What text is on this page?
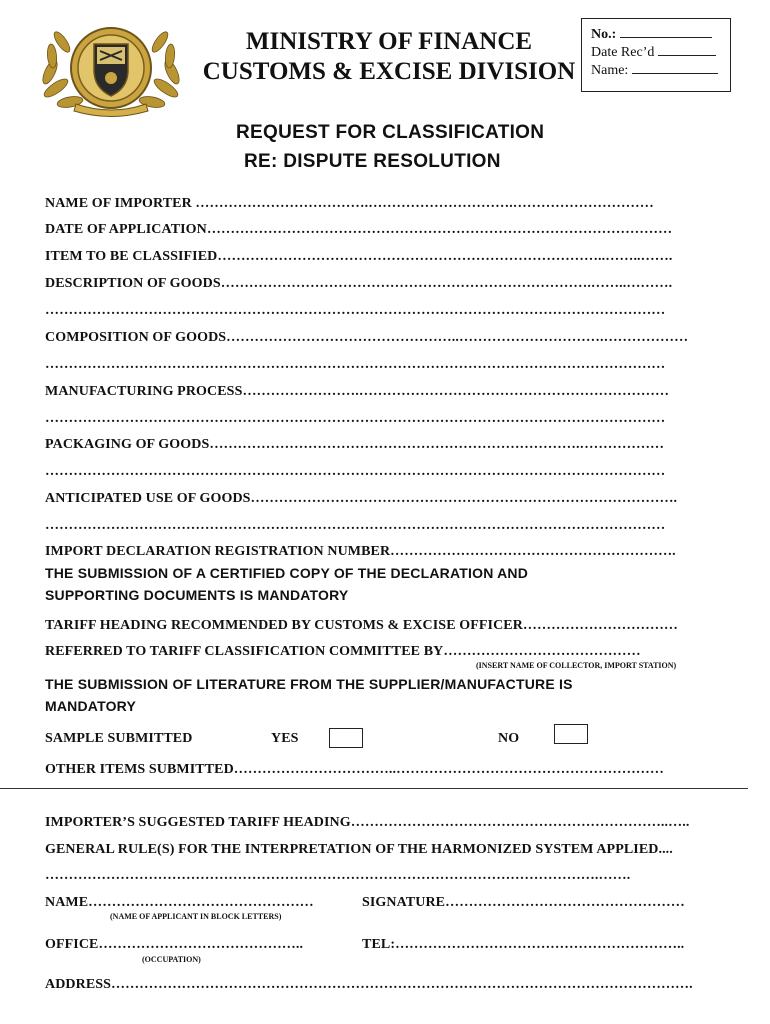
MINISTRY OF FINANCE
CUSTOMS & EXCISE DIVISION
No.:
Date Rec’d
Name:
REQUEST FOR CLASSIFICATION
RE: DISPUTE RESOLUTION
NAME OF IMPORTER ……………………………….………………………….…………………………
DATE OF APPLICATION………………………………………………………………………………………
ITEM TO BE CLASSIFIED………………………………………………………………………..……..…….
DESCRIPTION OF GOODS…………………………………………………………………….……..……….
……………………………………………………………………………………………………………………
COMPOSITION OF GOODS…………………………………………..………………………….………………
……………………………………………………………………………………………………………………
MANUFACTURING PROCESS…………………….…………………………………………………………
……………………………………………………………………………………………………………………
PACKAGING OF GOODS…………………………………………………………………….………………
……………………………………………………………………………………………………………………
ANTICIPATED USE OF GOODS……………………………………………………………………………….
……………………………………………………………………………………………………………………
IMPORT DECLARATION REGISTRATION NUMBER…………………………………………………….
THE SUBMISSION OF A CERTIFIED COPY OF THE DECLARATION AND
SUPPORTING DOCUMENTS IS MANDATORY
TARIFF HEADING RECOMMENDED BY CUSTOMS & EXCISE OFFICER……………………………
REFERRED TO TARIFF CLASSIFICATION COMMITTEE BY……………………………………
(INSERT NAME OF COLLECTOR, IMPORT STATION)
THE SUBMISSION OF LITERATURE FROM THE SUPPLIER/MANUFACTURE IS
MANDATORY
SAMPLE SUBMITTED	YES	NO
OTHER ITEMS SUBMITTED……………………………..…………………………………………………
IMPORTER’S SUGGESTED TARIFF HEADING…………………………………………………………..…..
GENERAL RULE(S) FOR THE INTERPRETATION OF THE HARMONIZED SYSTEM APPLIED....
……………………………………………………………………………………………………….…….
NAME…………………………………………
(NAME OF APPLICANT IN BLOCK LETTERS)
SIGNATURE……………………………………………
OFFICE……………………………………..
(OCCUPATION)
TEL:……………………………………………………..
ADDRESS…………………………………………………………………………………………………………….
